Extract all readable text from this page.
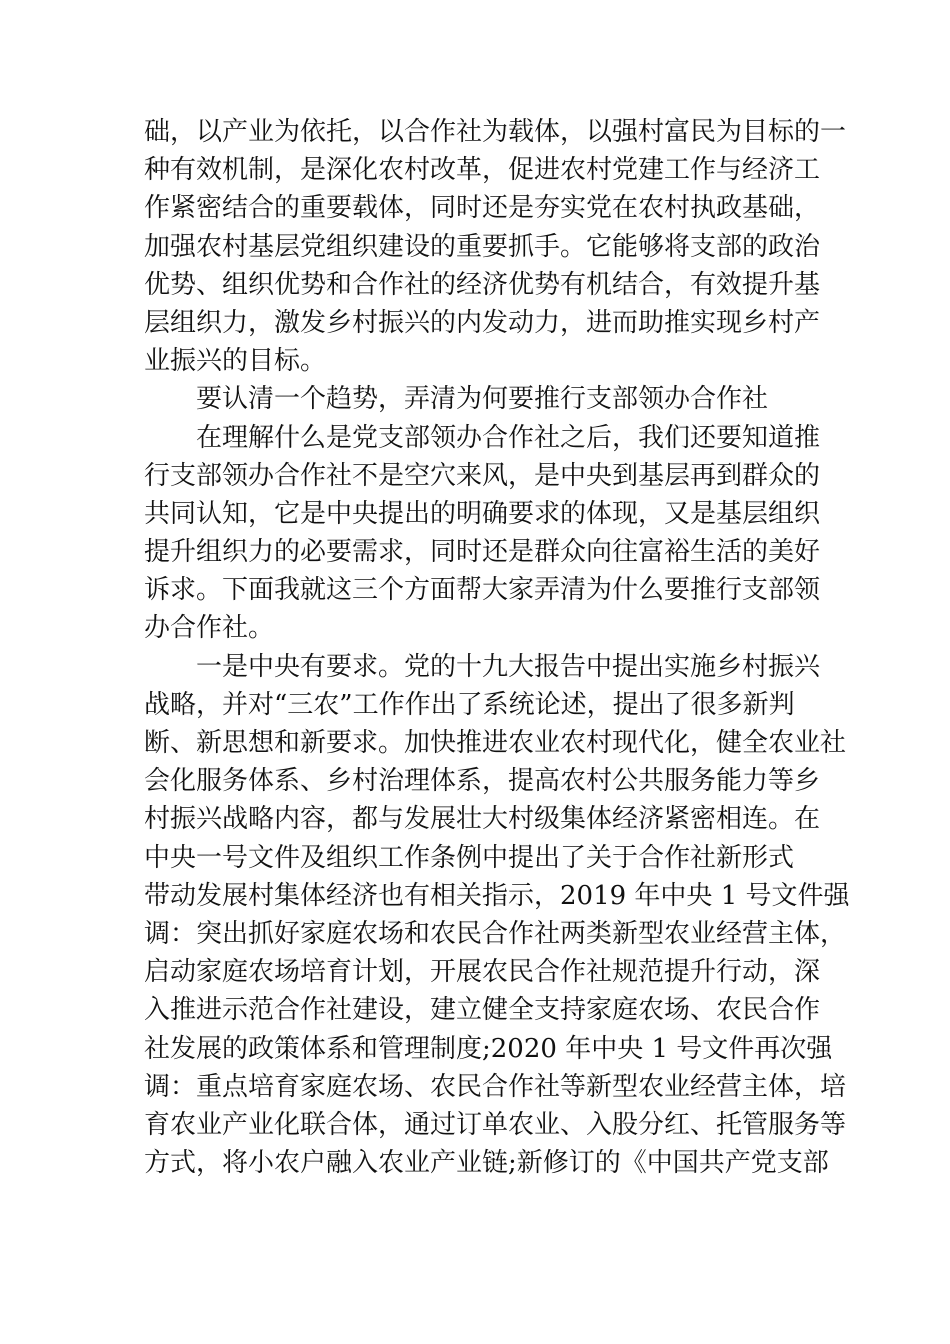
础，以产业为依托，以合作社为载体，以强村富民为目标的一
种有效机制，是深化农村改革，促进农村党建工作与经济工
作紧密结合的重要载体，同时还是夯实党在农村执政基础，
加强农村基层党组织建设的重要抓手。它能够将支部的政治
优势、组织优势和合作社的经济优势有机结合，有效提升基
层组织力，激发乡村振兴的内发动力，进而助推实现乡村产
业振兴的目标。
要认清一个趋势，弄清为何要推行支部领办合作社
在理解什么是党支部领办合作社之后，我们还要知道推
行支部领办合作社不是空穴来风，是中央到基层再到群众的
共同认知，它是中央提出的明确要求的体现，又是基层组织
提升组织力的必要需求，同时还是群众向往富裕生活的美好
诉求。下面我就这三个方面帮大家弄清为什么要推行支部领
办合作社。
一是中央有要求。党的十九大报告中提出实施乡村振兴
战略，并对“三农”工作作出了系统论述，提出了很多新判
断、新思想和新要求。加快推进农业农村现代化，健全农业社
会化服务体系、乡村治理体系，提高农村公共服务能力等乡
村振兴战略内容，都与发展壮大村级集体经济紧密相连。在
中央一号文件及组织工作条例中提出了关于合作社新形式
带动发展村集体经济也有相关指示，2019 年中央 1 号文件强
调：突出抓好家庭农场和农民合作社两类新型农业经营主体，
启动家庭农场培育计划，开展农民合作社规范提升行动，深
入推进示范合作社建设，建立健全支持家庭农场、农民合作
社发展的政策体系和管理制度;2020 年中央 1 号文件再次强
调：重点培育家庭农场、农民合作社等新型农业经营主体，培
育农业产业化联合体，通过订单农业、入股分红、托管服务等
方式，将小农户融入农业产业链;新修订的《中国共产党支部
